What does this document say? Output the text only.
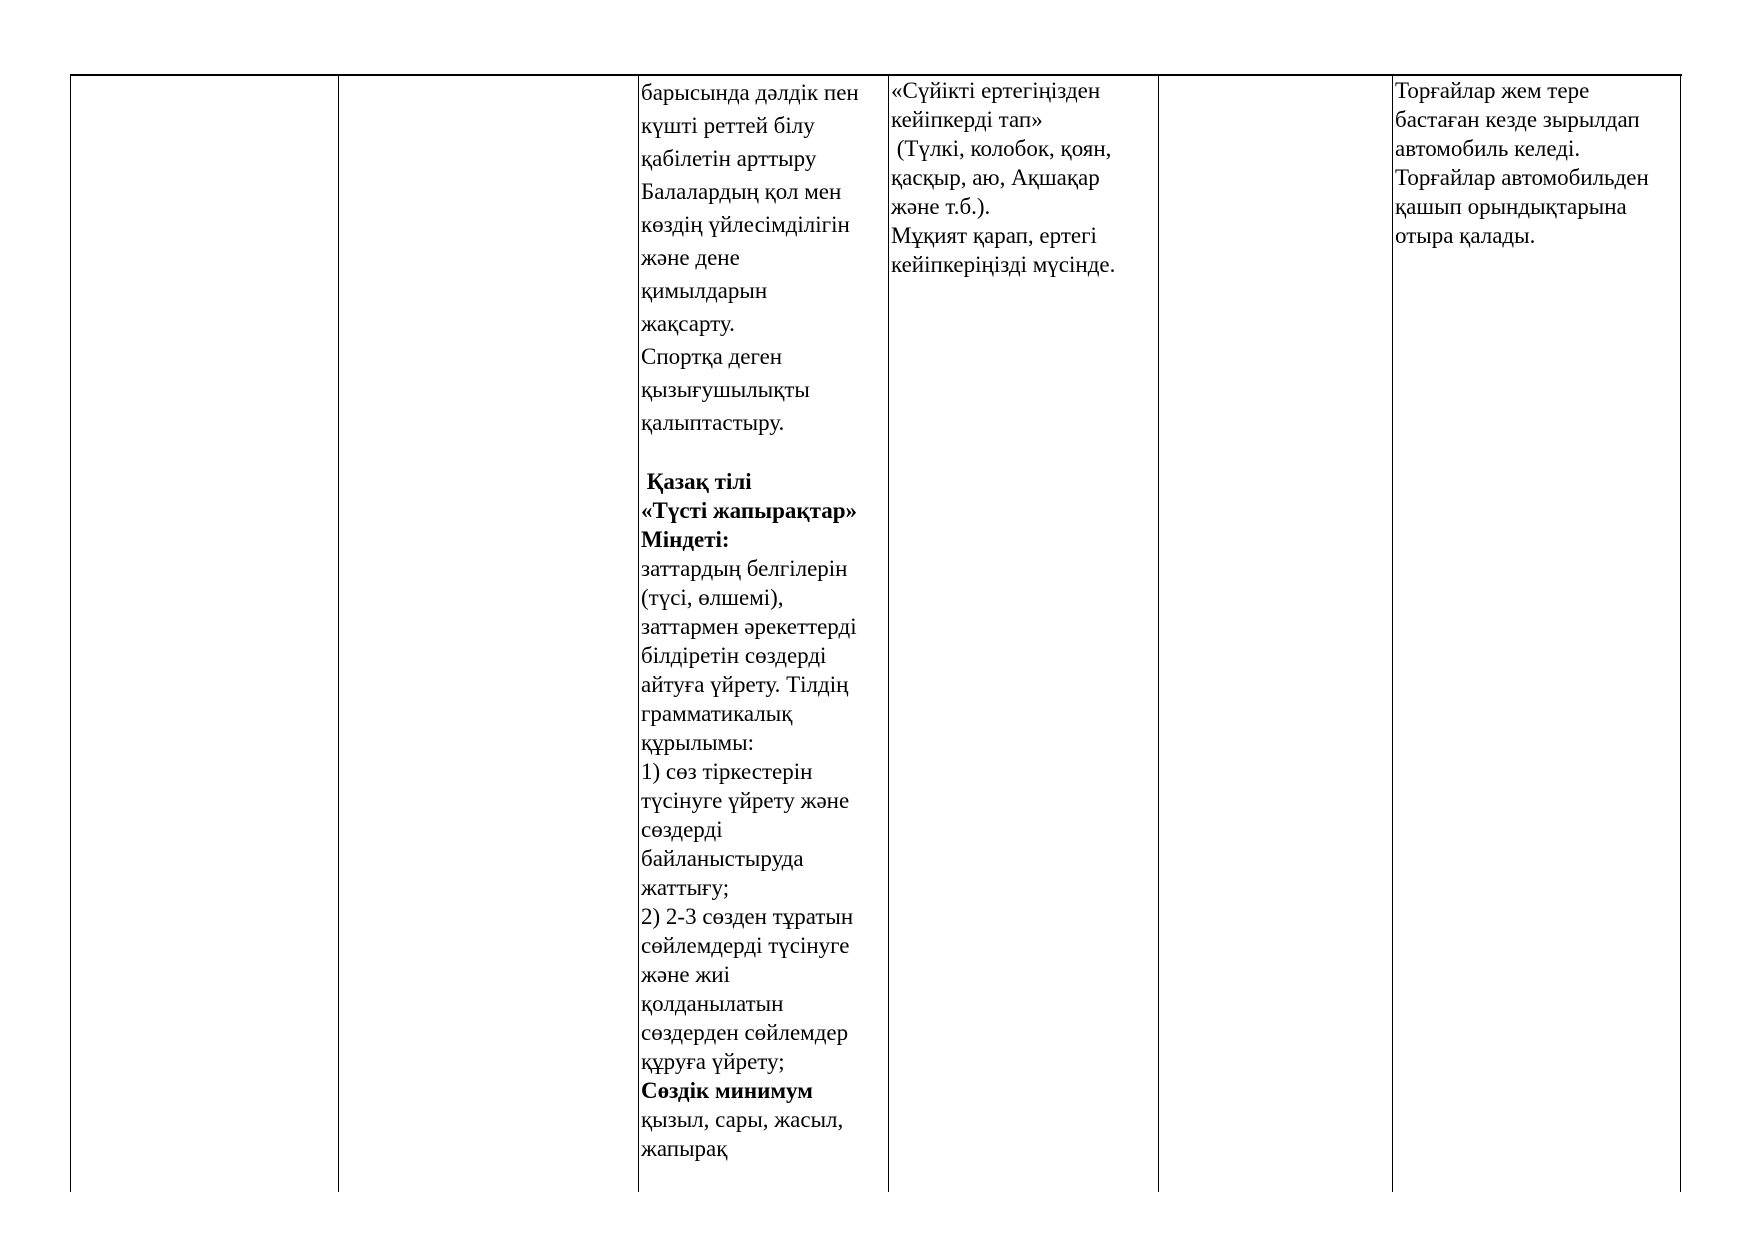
барысында дәлдік пен

күшті реттей білу

қабілетін арттыру

Балалардың қол мен

көздің үйлесімділігін

және дене

қимылдарын

жақсарту.

Спортқа деген

қызығушылықты

қалыптастыру.

Қазақ тілі

«Түсті жапырақтар»

Міндеті:

заттардың белгілерін

(түсі, өлшемі),

заттармен әрекеттерді

білдіретін сөздерді

айтуға үйрету. Тілдің

грамматикалық

құрылымы:

1) сөз тіркестерін

түсінуге үйрету және

сөздерді

байланыстыруда

жаттығу;

2) 2-3 сөзден тұратын

сөйлемдерді түсінуге

және жиі

қолданылатын

сөздерден сөйлемдер

құруға үйрету;

Сөздік минимум

қызыл, сары, жасыл,

жапырақ

«Сүйікті ертегіңізден

кейіпкерді тап»

(Түлкі, колобок, қоян,

қасқыр, аю, Ақшақар

және т.б.).

Мұқият қарап, ертегі

кейіпкеріңізді мүсінде.

Торғайлар жем тере

бастаған кезде зырылдап

автомобиль келеді.

Торғайлар автомобильден

қашып орындықтарына

отыра қалады.
